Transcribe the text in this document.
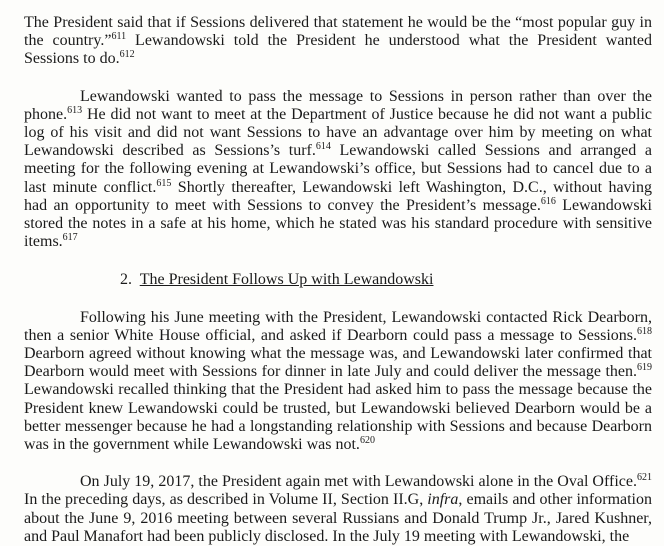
The President said that if Sessions delivered that statement he would be the “most popular guy in the country.”$^{611}$ Lewandowski told the President he understood what the President wanted Sessions to do.$^{612}$

Lewandowski wanted to pass the message to Sessions in person rather than over the phone.$^{613}$ He did not want to meet at the Department of Justice because he did not want a public log of his visit and did not want Sessions to have an advantage over him by meeting on what Lewandowski described as Sessions’s turf.$^{614}$ Lewandowski called Sessions and arranged a meeting for the following evening at Lewandowski’s office, but Sessions had to cancel due to a last minute conflict.$^{615}$ Shortly thereafter, Lewandowski left Washington, D.C., without having had an opportunity to meet with Sessions to convey the President’s message.$^{616}$ Lewandowski stored the notes in a safe at his home, which he stated was his standard procedure with sensitive items.$^{617}$

2. The President Follows Up with Lewandowski

Following his June meeting with the President, Lewandowski contacted Rick Dearborn, then a senior White House official, and asked if Dearborn could pass a message to Sessions.$^{618}$ Dearborn agreed without knowing what the message was, and Lewandowski later confirmed that Dearborn would meet with Sessions for dinner in late July and could deliver the message then.$^{619}$ Lewandowski recalled thinking that the President had asked him to pass the message because the President knew Lewandowski could be trusted, but Lewandowski believed Dearborn would be a better messenger because he had a longstanding relationship with Sessions and because Dearborn was in the government while Lewandowski was not.$^{620}$

On July 19, 2017, the President again met with Lewandowski alone in the Oval Office.$^{621}$ In the preceding days, as described in Volume II, Section II.G, infra, emails and other information about the June 9, 2016 meeting between several Russians and Donald Trump Jr., Jared Kushner, and Paul Manafort had been publicly disclosed. In the July 19 meeting with Lewandowski, the
